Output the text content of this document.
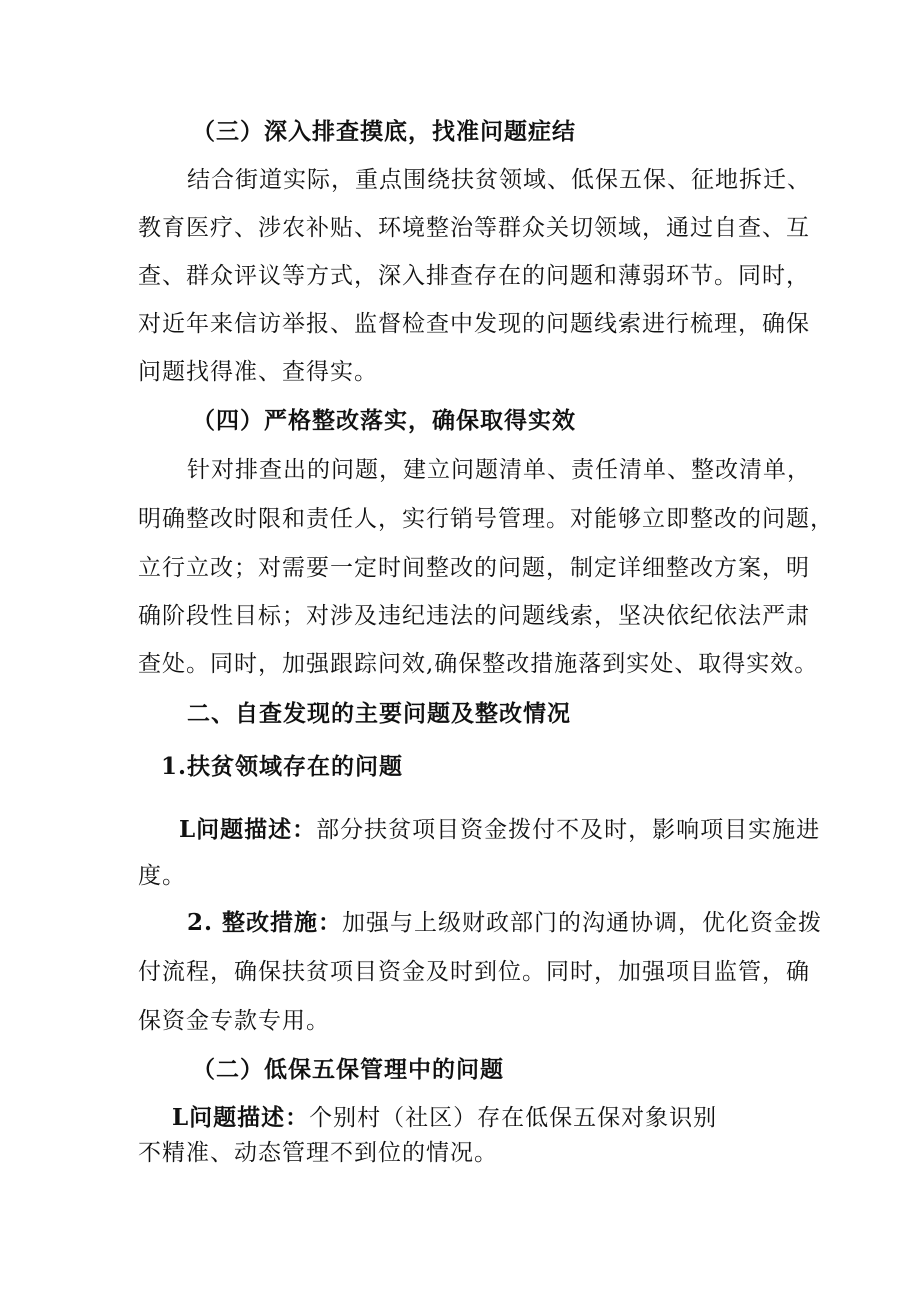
（三）深入排查摸底，找准问题症结
结合街道实际，重点围绕扶贫领域、低保五保、征地拆迁、
教育医疗、涉农补贴、环境整治等群众关切领域，通过自查、互
查、群众评议等方式，深入排查存在的问题和薄弱环节。同时，
对近年来信访举报、监督检查中发现的问题线索进行梳理，确保
问题找得准、查得实。
（四）严格整改落实，确保取得实效
针对排查出的问题，建立问题清单、责任清单、整改清单，
明确整改时限和责任人，实行销号管理。对能够立即整改的问题，
立行立改；对需要一定时间整改的问题，制定详细整改方案，明
确阶段性目标；对涉及违纪违法的问题线索，坚决依纪依法严肃
查处。同时，加强跟踪问效,确保整改措施落到实处、取得实效。
二、自查发现的主要问题及整改情况
1.扶贫领域存在的问题
L问题描述：部分扶贫项目资金拨付不及时，影响项目实施进
度。
2. 整改措施：加强与上级财政部门的沟通协调，优化资金拨
付流程，确保扶贫项目资金及时到位。同时，加强项目监管，确
保资金专款专用。
（二）低保五保管理中的问题
L问题描述：个别村（社区）存在低保五保对象识别
不精准、动态管理不到位的情况。
